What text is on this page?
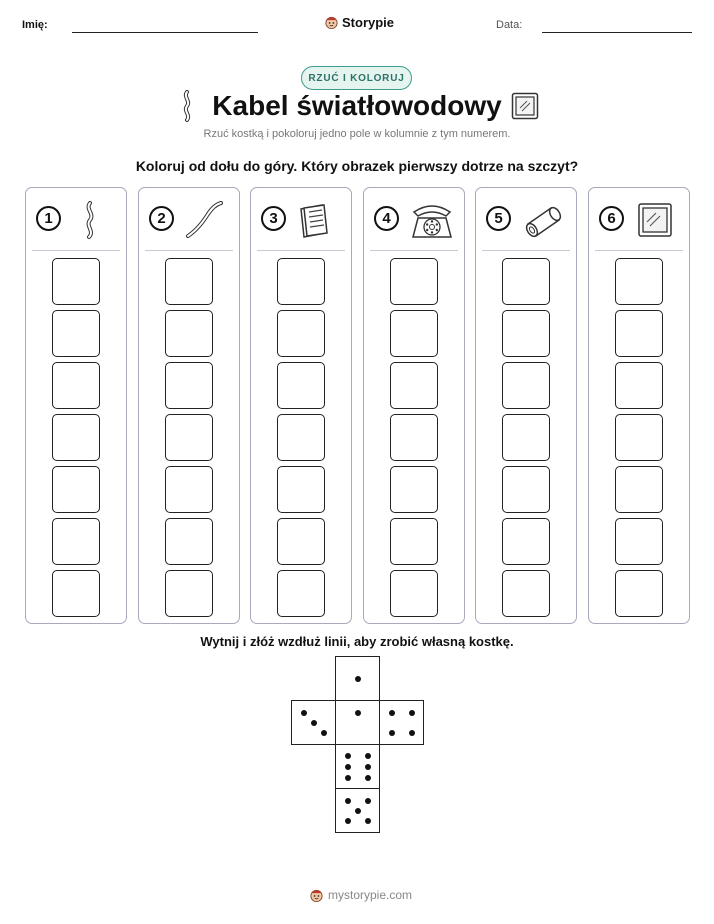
Imię:	Storypie	Data:
RZUĆ I KOLORUJ
Kabel światłowodowy
Rzuć kostką i pokoloruj jedno pole w kolumnie z tym numerem.
Koloruj od dołu do góry. Który obrazek pierwszy dotrze na szczyt?
1	2	3	4	5	6
Wytnij i złóż wzdłuż linii, aby zrobić własną kostkę.
mystorypie.com
